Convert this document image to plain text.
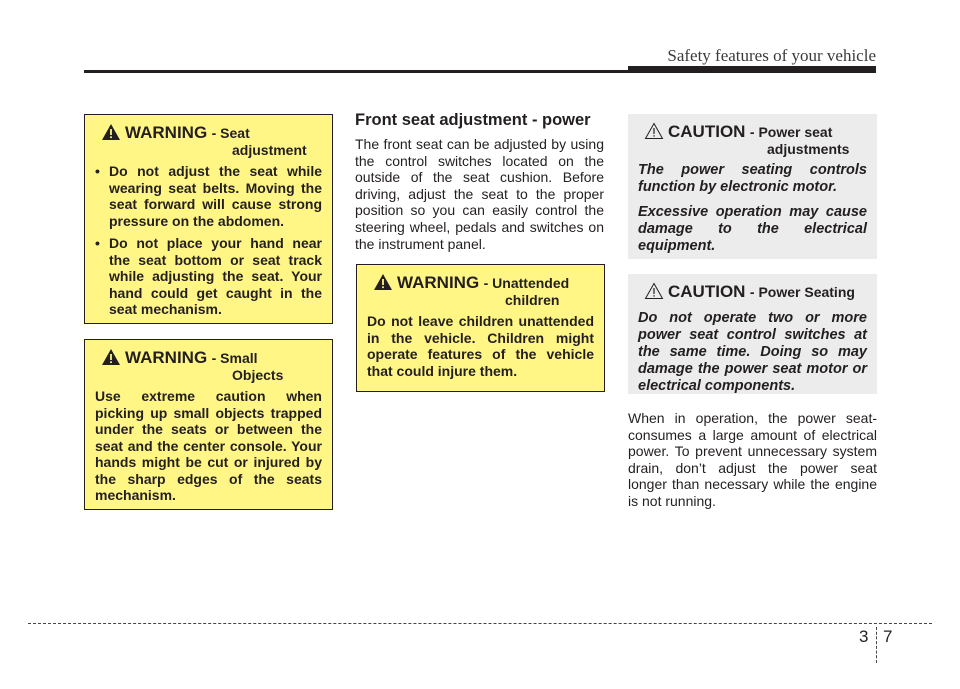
Safety features of your vehicle
WARNING - Seat
adjustment
• Do not adjust the seat while wearing seat belts. Moving the seat forward will cause strong pressure on the abdomen.
• Do not place your hand near the seat bottom or seat track while adjusting the seat. Your hand could get caught in the seat mechanism.
WARNING - Small
Objects
Use extreme caution when picking up small objects trapped under the seats or between the seat and the center console. Your hands might be cut or injured by the sharp edges of the seats mechanism.
Front seat adjustment - power
The front seat can be adjusted by using the control switches located on the outside of the seat cushion. Before driving, adjust the seat to the proper position so you can easily control the steering wheel, pedals and switches on the instrument panel.
WARNING - Unattended
children
Do not leave children unattended in the vehicle. Children might operate features of the vehicle that could injure them.
CAUTION - Power seat
adjustments

The power seating controls function by electronic motor.

Excessive operation may cause damage to the electrical equipment.

CAUTION - Power Seating

Do not operate two or more power seat control switches at the same time. Doing so may damage the power seat motor or electrical components.

When in operation, the power seat-consumes a large amount of electrical power. To prevent unnecessary system drain, don’t adjust the power seat longer than necessary while the engine is not running.
3 7
